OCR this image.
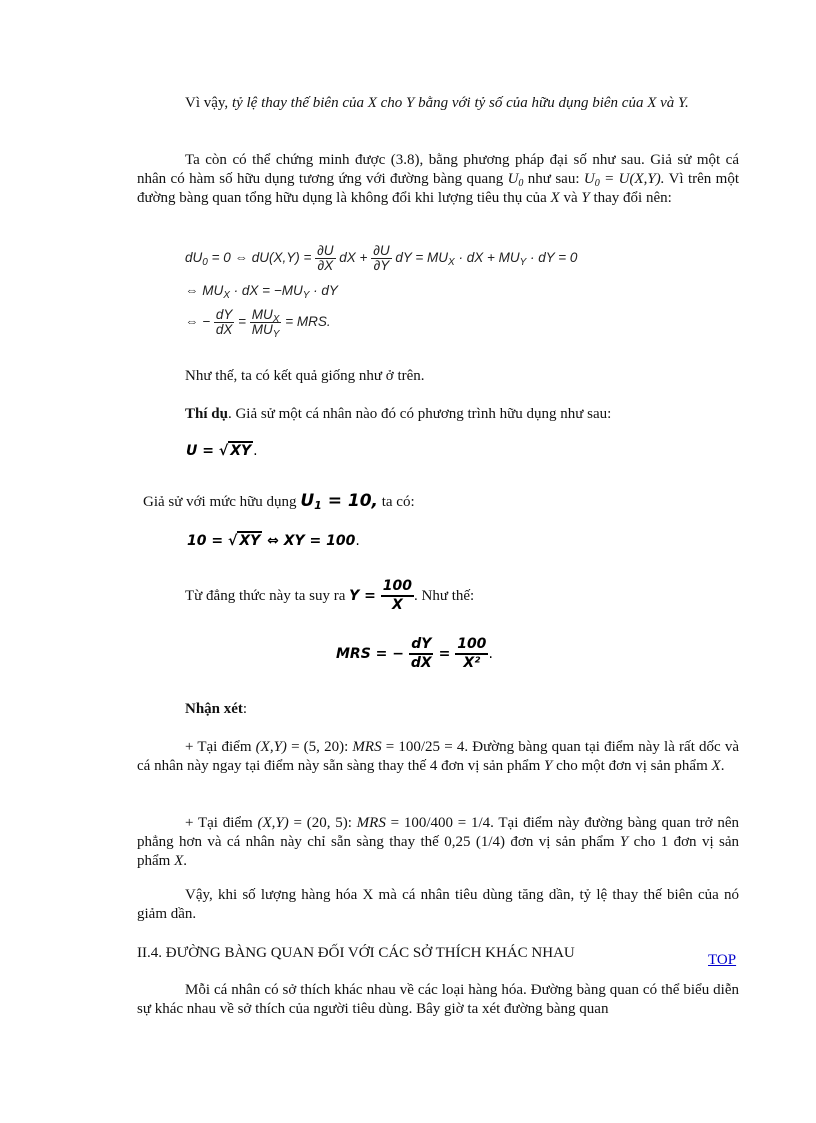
Vì vậy, tỷ lệ thay thế biên của X cho Y bằng với tỷ số của hữu dụng biên của X và Y.
Ta còn có thể chứng minh được (3.8), bằng phương pháp đại số như sau. Giả sử một cá nhân có hàm số hữu dụng tương ứng với đường bàng quang $U_0$ như sau: $U_0 = U(X,Y)$. Vì trên một đường bàng quan tổng hữu dụng là không đổi khi lượng tiêu thụ của X và Y thay đổi nên:
$dU_0 = 0$ ⇔ $dU(X,Y) = \frac{\partial U}{\partial X}$ dX + $\frac{\partial U}{\partial Y}$ dY = $MU_X$ · dX + $MU_Y$ · dY = 0
⇔ $MU_X$ · dX = $-MU_Y$ · dY
⇔ − $\frac{dY}{dX} = \frac{MU_X}{MU_Y}$ = MRS.
Như thế, ta có kết quả giống như ở trên.
Thí dụ. Giả sử một cá nhân nào đó có phương trình hữu dụng như sau:
U = √ XY .
Giả sử với mức hữu dụng $U_1 = 10$, ta có:
10 = √ XY ⇔ XY = 100.
Từ đẳng thức này ta suy ra $Y = \frac{100}{X}$ . Như thế:
MRS = − $\frac{dY}{dX} = \frac{100}{\text{X²}}$ .
Nhận xét:
+ Tại điểm (X,Y) = (5, 20): MRS = 100/25 = 4. Đường bàng quan tại điểm này là rất dốc và cá nhân này ngay tại điểm này sẵn sàng thay thế 4 đơn vị sản phẩm Y cho một đơn vị sản phẩm X.
+ Tại điểm (X,Y) = (20, 5): MRS = 100/400 = 1/4. Tại điểm này đường bàng quan trở nên phẳng hơn và cá nhân này chỉ sẵn sàng thay thế 0,25 (1/4) đơn vị sản phẩm Y cho 1 đơn vị sản phẩm X.
Vậy, khi số lượng hàng hóa X mà cá nhân tiêu dùng tăng dần, tỷ lệ thay thế biên của nó giảm dần.
II.4. ĐƯỜNG BÀNG QUAN ĐỐI VỚI CÁC SỞ THÍCH KHÁC NHAU	TOP
Mỗi cá nhân có sở thích khác nhau về các loại hàng hóa. Đường bàng quan có thể biểu diễn sự khác nhau về sở thích của người tiêu dùng. Bây giờ ta xét đường bàng quan
